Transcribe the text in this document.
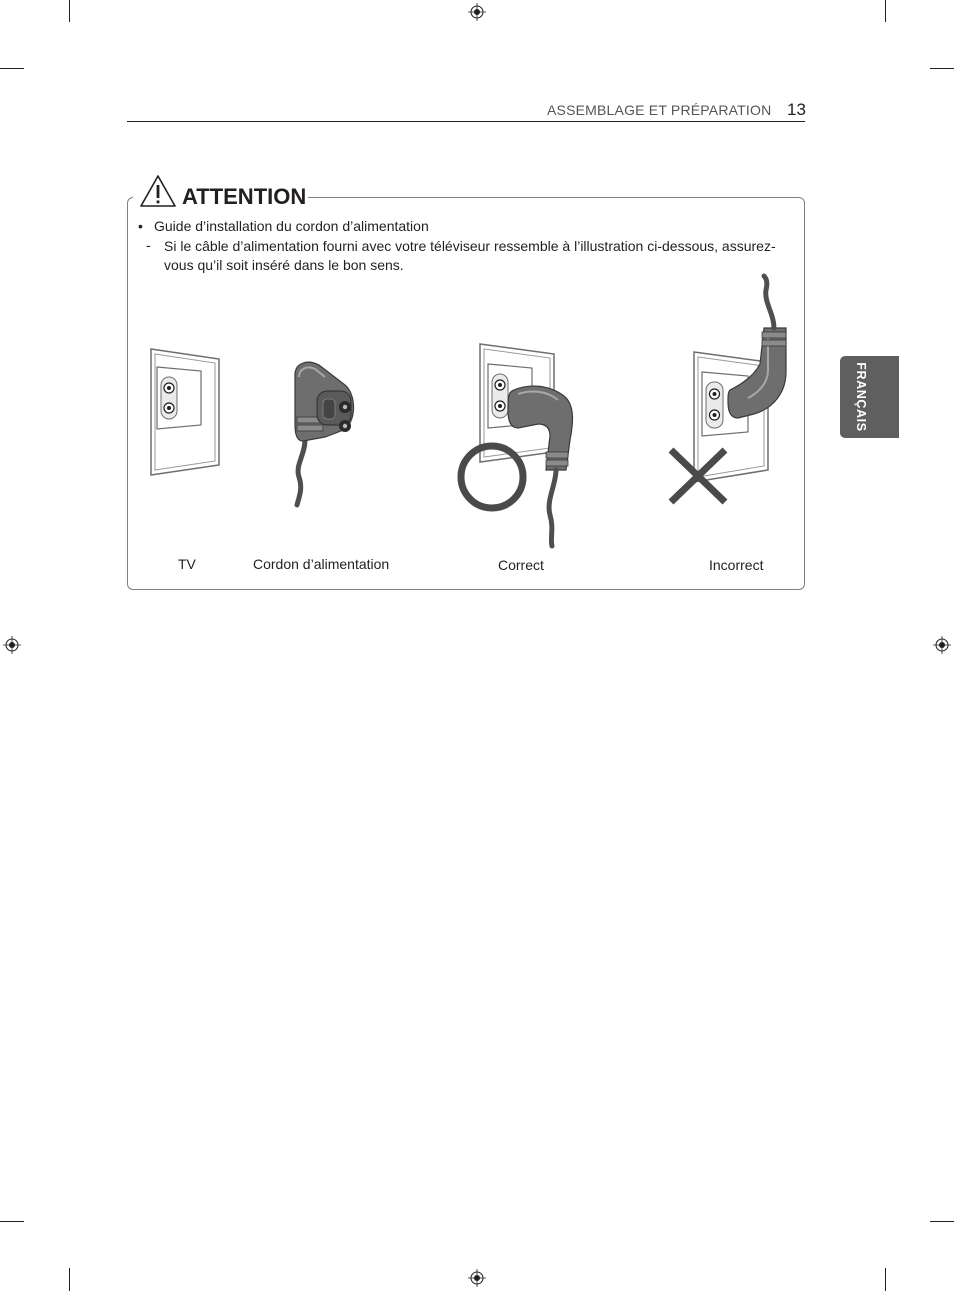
ASSEMBLAGE ET PRÉPARATION 13
FRANÇAIS
ATTENTION
• Guide d’installation du cordon d’alimentation
- Si le câble d’alimentation fourni avec votre téléviseur ressemble à l’illustration ci-dessous, assurez-vous qu’il soit inséré dans le bon sens.
TV	Cordon d’alimentation	Correct	Incorrect
